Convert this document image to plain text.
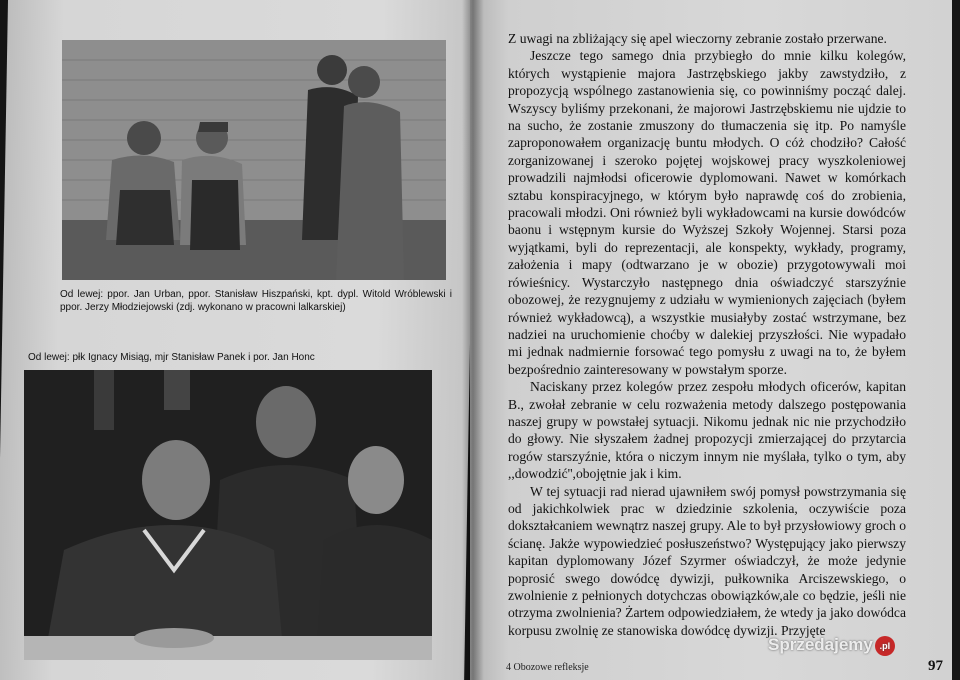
Od lewej: ppor. Jan Urban, ppor. Stanisław Hiszpański, kpt. dypl. Witold Wróblewski i ppor. Jerzy Młodziejowski (zdj. wykonano w pracowni lalkarskiej)
Od lewej: płk Ignacy Misiąg, mjr Stanisław Panek i por. Jan Honc

Z uwagi na zbliżający się apel wieczorny zebranie zostało przerwane.

Jeszcze tego samego dnia przybiegło do mnie kilku kolegów, których wystąpienie majora Jastrzębskiego jakby zawstydziło, z propozycją wspólnego zastanowienia się, co powinniśmy począć dalej. Wszyscy byliśmy przekonani, że majorowi Jastrzębskiemu nie ujdzie to na sucho, że zostanie zmuszony do tłumaczenia się itp. Po namyśle zaproponowałem organizację buntu młodych. O cóż chodziło? Całość zorganizowanej i szeroko pojętej wojskowej pracy wyszkoleniowej prowadzili najmłodsi oficerowie dyplomowani. Nawet w komórkach sztabu konspiracyjnego, w którym było naprawdę coś do zrobienia, pracowali młodzi. Oni również byli wykładowcami na kursie dowódców baonu i wstępnym kursie do Wyższej Szkoły Wojennej. Starsi poza wyjątkami, byli do reprezentacji, ale konspekty, wykłady, programy, założenia i mapy (odtwarzano je w obozie) przygotowywali moi rówieśnicy. Wystarczyło następnego dnia oświadczyć starszyźnie obozowej, że rezygnujemy z udziału w wymienionych zajęciach (byłem również wykładowcą), a wszystkie musiałyby zostać wstrzymane, bez nadziei na uruchomienie choćby w dalekiej przyszłości. Nie wypadało mi jednak nadmiernie forsować tego pomysłu z uwagi na to, że byłem bezpośrednio zainteresowany w powstałym sporze.

Naciskany przez kolegów przez zespołu młodych oficerów, kapitan B., zwołał zebranie w celu rozważenia metody dalszego postępowania naszej grupy w powstałej sytuacji. Nikomu jednak nic nie przychodziło do głowy. Nie słyszałem żadnej propozycji zmierzającej do przytarcia rogów starszyźnie, która o niczym innym nie myślała, tylko o tym, aby ,,dowodzić'',obojętnie jak i kim.

W tej sytuacji rad nierad ujawniłem swój pomysł powstrzymania się od jakichkolwiek prac w dziedzinie szkolenia, oczywiście poza dokształcaniem wewnątrz naszej grupy. Ale to był przysłowiowy groch o ścianę. Jakże wypowiedzieć posłuszeństwo? Występujący jako pierwszy kapitan dyplomowany Józef Szyrmer oświadczył, że może jedynie poprosić swego dowódcę dywizji, pułkownika Arciszewskiego, o zwolnienie z pełnionych dotychczas obowiązków,ale co będzie, jeśli nie otrzyma zwolnienia? Żartem odpowiedziałem, że wtedy ja jako dowódca korpusu zwolnię ze stanowiska dowódcę dywizji. Przyjęte

4 Obozowe refleksje	97
Sprzedajemy .pl
